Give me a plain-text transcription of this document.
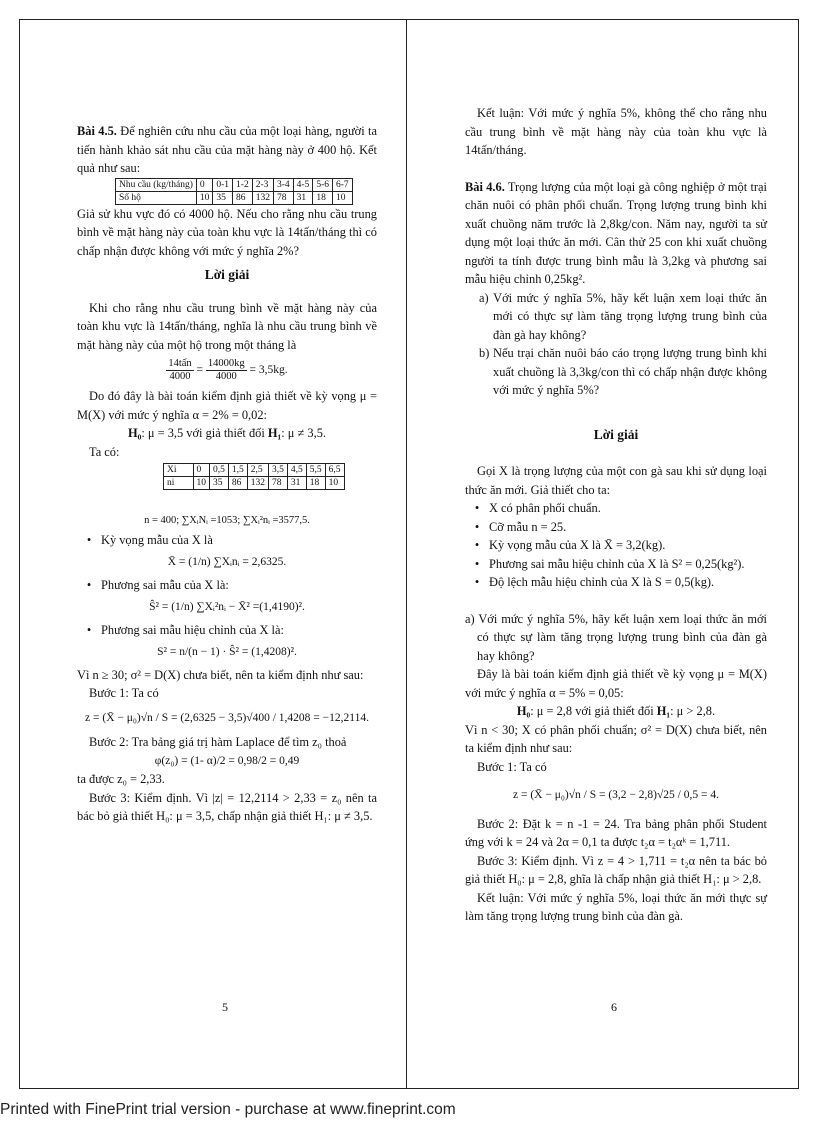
Bài 4.5. Để nghiên cứu nhu cầu của một loại hàng, người ta tiến hành khảo sát nhu cầu của mặt hàng này ở 400 hộ. Kết quả như sau:

Nhu cầu (kg/tháng)	0	0-1	1-2	2-3	3-4	4-5	5-6	6-7
Số hộ	10	35	86	132	78	31	18	10

Giả sử khu vực đó có 4000 hộ. Nếu cho rằng nhu cầu trung bình về mặt hàng này của toàn khu vực là 14tấn/tháng thì có chấp nhận được không với mức ý nghĩa 2%?

Lời giải

Khi cho rằng nhu cầu trung bình về mặt hàng này của toàn khu vực là 14tấn/tháng, nghĩa là nhu cầu trung bình về mặt hàng này của một hộ trong một tháng là

$\frac{\text{14tấn}}{4000} = \frac{14000kg}{4000} = 3,5kg$.

Do đó đây là bài toán kiểm định giả thiết về kỳ vọng μ = M(X) với mức ý nghĩa α = 2% = 0,02:

H₀: μ = 3,5 với giả thiết đối H₁: μ ≠ 3,5.

Ta có:

Xi	0	0,5	1,5	2,5	3,5	4,5	5,5	6,5
ni	10	35	86	132	78	31	18	10

n = 400; ∑XᵢNᵢ =1053; ∑Xᵢ²nᵢ =3577,5.

• Kỳ vọng mẫu của X là

X̄ = (1/n) ∑Xᵢnᵢ = 2,6325.

• Phương sai mẫu của X là:

Ŝ² = (1/n) ∑Xᵢ²nᵢ − X̄² =(1,4190)².

• Phương sai mẫu hiệu chỉnh của X là:

S² = n/(n − 1) · Ŝ² = (1,4208)².

Vì n ≥ 30; σ² = D(X) chưa biết, nên ta kiểm định như sau:

Bước 1: Ta có

z = (X̄ − μ₀)√n / S = (2,6325 − 3,5)√400 / 1,4208 = −12,2114.

Bước 2: Tra bảng giá trị hàm Laplace để tìm z₀ thoả

φ(z₀) = (1- α)/2 = 0,98/2 = 0,49

ta được z₀ = 2,33.

Bước 3: Kiểm định. Vì |z| = 12,2114 > 2,33 = z₀ nên ta bác bỏ giả thiết H₀: μ = 3,5, chấp nhận giả thiết H₁: μ ≠ 3,5.

5

Kết luận: Với mức ý nghĩa 5%, không thể cho rằng nhu cầu trung bình về mặt hàng này của toàn khu vực là 14tấn/tháng.

Bài 4.6. Trọng lượng của một loại gà công nghiệp ở một trại chăn nuôi có phân phối chuẩn. Trọng lượng trung bình khi xuất chuồng năm trước là 2,8kg/con. Năm nay, người ta sử dụng một loại thức ăn mới. Cân thử 25 con khi xuất chuồng người ta tính được trung bình mẫu là 3,2kg và phương sai mẫu hiệu chỉnh 0,25kg².

a) Với mức ý nghĩa 5%, hãy kết luận xem loại thức ăn mới có thực sự làm tăng trọng lượng trung bình của đàn gà hay không?

b) Nếu trại chăn nuôi báo cáo trọng lượng trung bình khi xuất chuồng là 3,3kg/con thì có chấp nhận được không với mức ý nghĩa 5%?

Lời giải

Gọi X là trọng lượng của một con gà sau khi sử dụng loại thức ăn mới. Giả thiết cho ta:

• X có phân phối chuẩn.
• Cỡ mẫu n = 25.
• Kỳ vọng mẫu của X là X̄ = 3,2(kg).
• Phương sai mẫu hiệu chỉnh của X là S² = 0,25(kg²).
• Độ lệch mẫu hiệu chỉnh của X là S = 0,5(kg).

a) Với mức ý nghĩa 5%, hãy kết luận xem loại thức ăn mới có thực sự làm tăng trọng lượng trung bình của đàn gà hay không?

Đây là bài toán kiểm định giả thiết về kỳ vọng μ = M(X) với mức ý nghĩa α = 5% = 0,05:

H₀: μ = 2,8 với giả thiết đối H₁: μ > 2,8.

Vì n < 30; X có phân phối chuẩn; σ² = D(X) chưa biết, nên ta kiểm định như sau:

Bước 1: Ta có

z = (X̄ − μ₀)√n / S = (3,2 − 2,8)√25 / 0,5 = 4.

Bước 2: Đặt k = n -1 = 24. Tra bảng phân phối Student ứng với k = 24 và 2α = 0,1 ta được t₂α = t₂αᵏ = 1,711.

Bước 3: Kiểm định. Vì z = 4 > 1,711 = t₂α nên ta bác bỏ giả thiết H₀: μ = 2,8, ghĩa là chấp nhận giả thiết H₁: μ > 2,8.

Kết luận: Với mức ý nghĩa 5%, loại thức ăn mới thực sự làm tăng trọng lượng trung bình của đàn gà.

6
Printed with FinePrint trial version - purchase at www.fineprint.com
